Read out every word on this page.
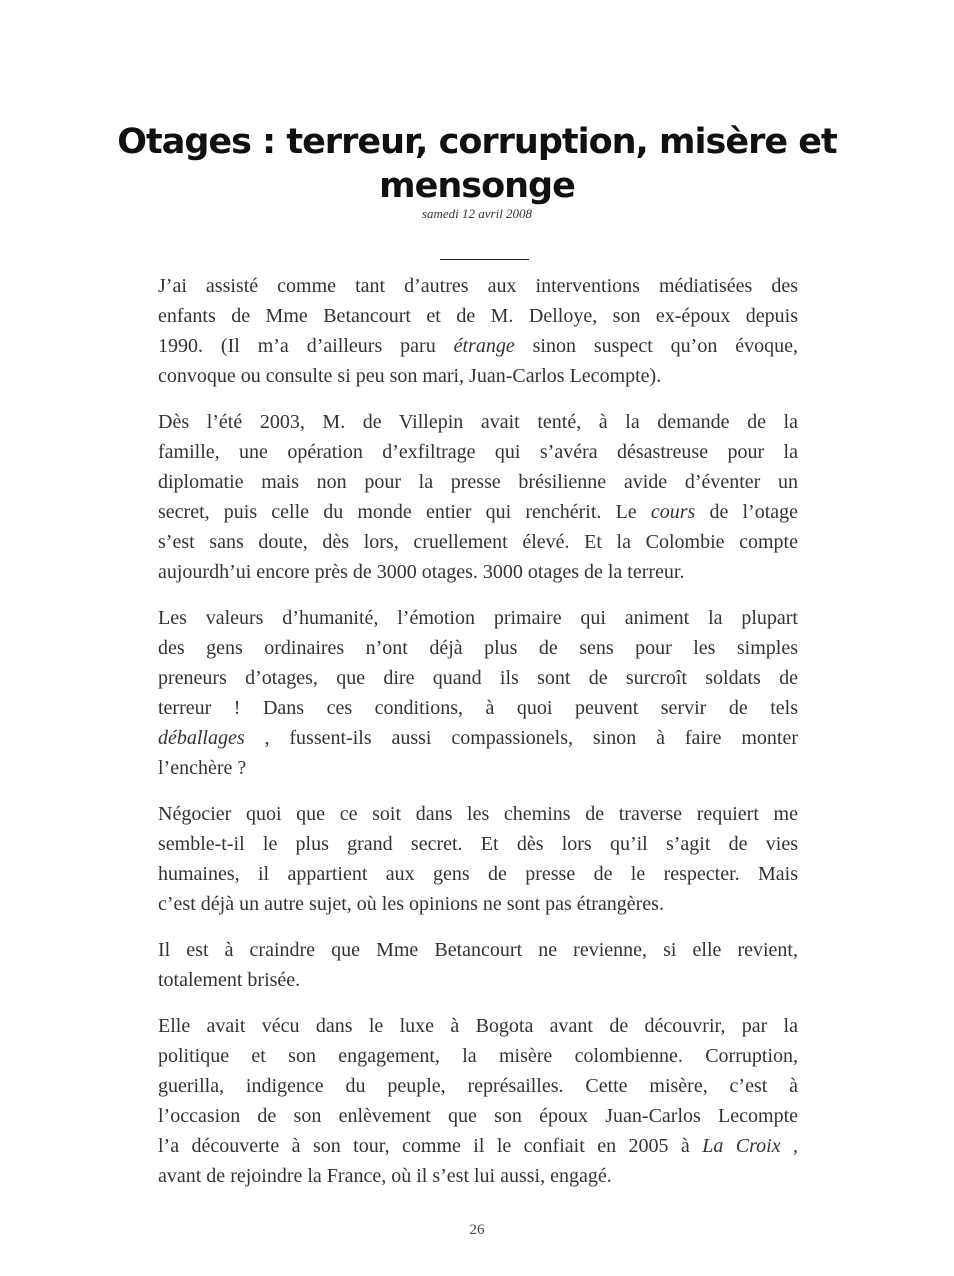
Otages : terreur, corruption, misère et mensonge
samedi 12 avril 2008
J’ai assisté comme tant d’autres aux interventions médiatisées des
enfants de Mme Betancourt et de M. Delloye, son ex-époux depuis
1990. (Il m’a d’ailleurs paru étrange sinon suspect qu’on évoque,
convoque ou consulte si peu son mari, Juan-Carlos Lecompte).
Dès l’été 2003, M. de Villepin avait tenté, à la demande de la
famille, une opération d’exfiltrage qui s’avéra désastreuse pour la
diplomatie mais non pour la presse brésilienne avide d’éventer un
secret, puis celle du monde entier qui renchérit. Le cours de l’otage
s’est sans doute, dès lors, cruellement élevé. Et la Colombie compte
aujourdh’ui encore près de 3000 otages. 3000 otages de la terreur.
Les valeurs d’humanité, l’émotion primaire qui animent la plupart
des gens ordinaires n’ont déjà plus de sens pour les simples
preneurs d’otages, que dire quand ils sont de surcroît soldats de
terreur ! Dans ces conditions, à quoi peuvent servir de tels
déballages , fussent-ils aussi compassionels, sinon à faire monter
l’enchère ?
Négocier quoi que ce soit dans les chemins de traverse requiert me
semble-t-il le plus grand secret. Et dès lors qu’il s’agit de vies
humaines, il appartient aux gens de presse de le respecter. Mais
c’est déjà un autre sujet, où les opinions ne sont pas étrangères.
Il est à craindre que Mme Betancourt ne revienne, si elle revient,
totalement brisée.
Elle avait vécu dans le luxe à Bogota avant de découvrir, par la
politique et son engagement, la misère colombienne. Corruption,
guerilla, indigence du peuple, représailles. Cette misère, c’est à
l’occasion de son enlèvement que son époux Juan-Carlos Lecompte
l’a découverte à son tour, comme il le confiait en 2005 à La Croix ,
avant de rejoindre la France, où il s’est lui aussi, engagé.
26
